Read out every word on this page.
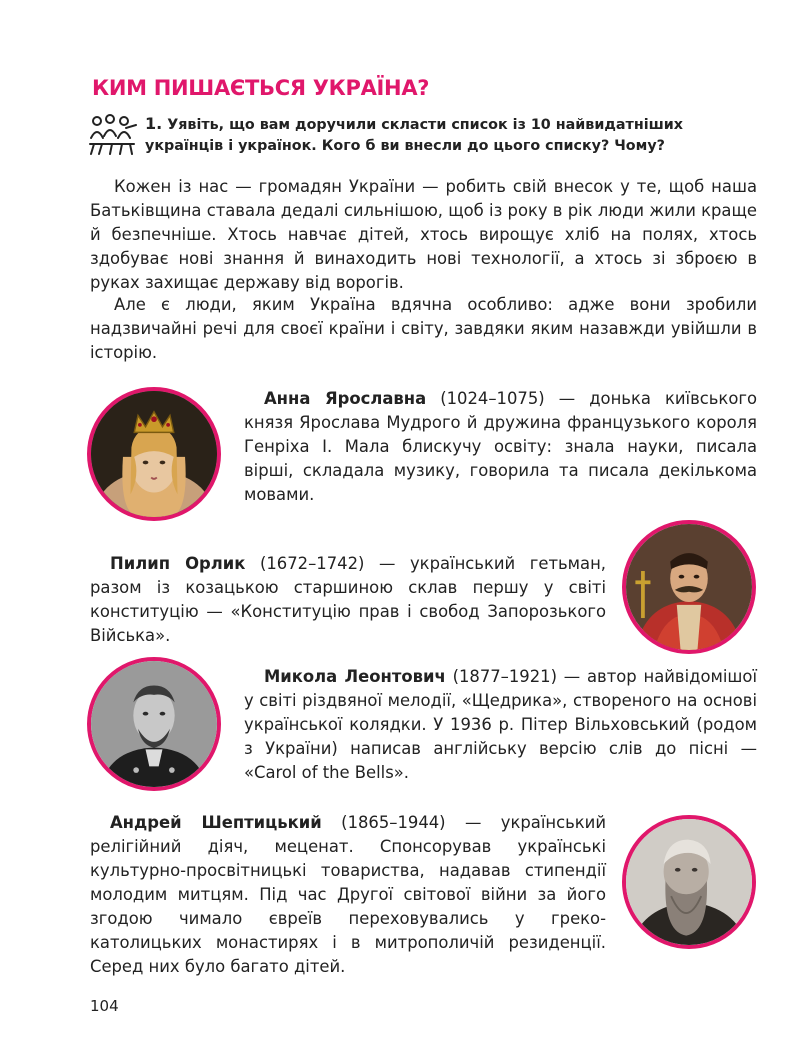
КИМ ПИШАЄТЬСЯ УКРАЇНА?

1. Уявіть, що вам доручили скласти список із 10 найвидатніших українців і українок. Кого б ви внесли до цього списку? Чому?

Кожен із нас — громадян України — робить свій внесок у те, щоб наша Батьківщина ставала дедалі сильнішою, щоб із року в рік люди жили краще й безпечніше. Хтось навчає дітей, хтось вирощує хліб на полях, хтось здобуває нові знання й винаходить нові технології, а хтось зі зброєю в руках захищає державу від ворогів.

Але є люди, яким Україна вдячна особливо: адже вони зробили надзвичайні речі для своєї країни і світу, завдяки яким назавжди увійшли в історію.

Анна Ярославна (1024–1075) — донька київського князя Ярослава Мудрого й дружина французького короля Генріха І. Мала блискучу освіту: знала науки, писала вірші, складала музику, говорила та писала декількома мовами.

Пилип Орлик (1672–1742) — український гетьман, разом із козацькою старшиною склав першу у світі конституцію — «Конституцію прав і свобод Запорозького Війська».

Микола Леонтович (1877–1921) — автор найвідомішої у світі різдвяної мелодії, «Щедрика», створеного на основі української колядки. У 1936 р. Пітер Вільховський (родом з України) написав англійську версію слів до пісні — «Carol of the Bells».

Андрей Шептицький (1865–1944) — український релігійний діяч, меценат. Спонсорував українські культурно-просвітницькі товариства, надавав стипендії молодим митцям. Під час Другої світової війни за його згодою чимало євреїв переховувались у греко-католицьких монастирях і в митрополичій резиденції. Серед них було багато дітей.

104
